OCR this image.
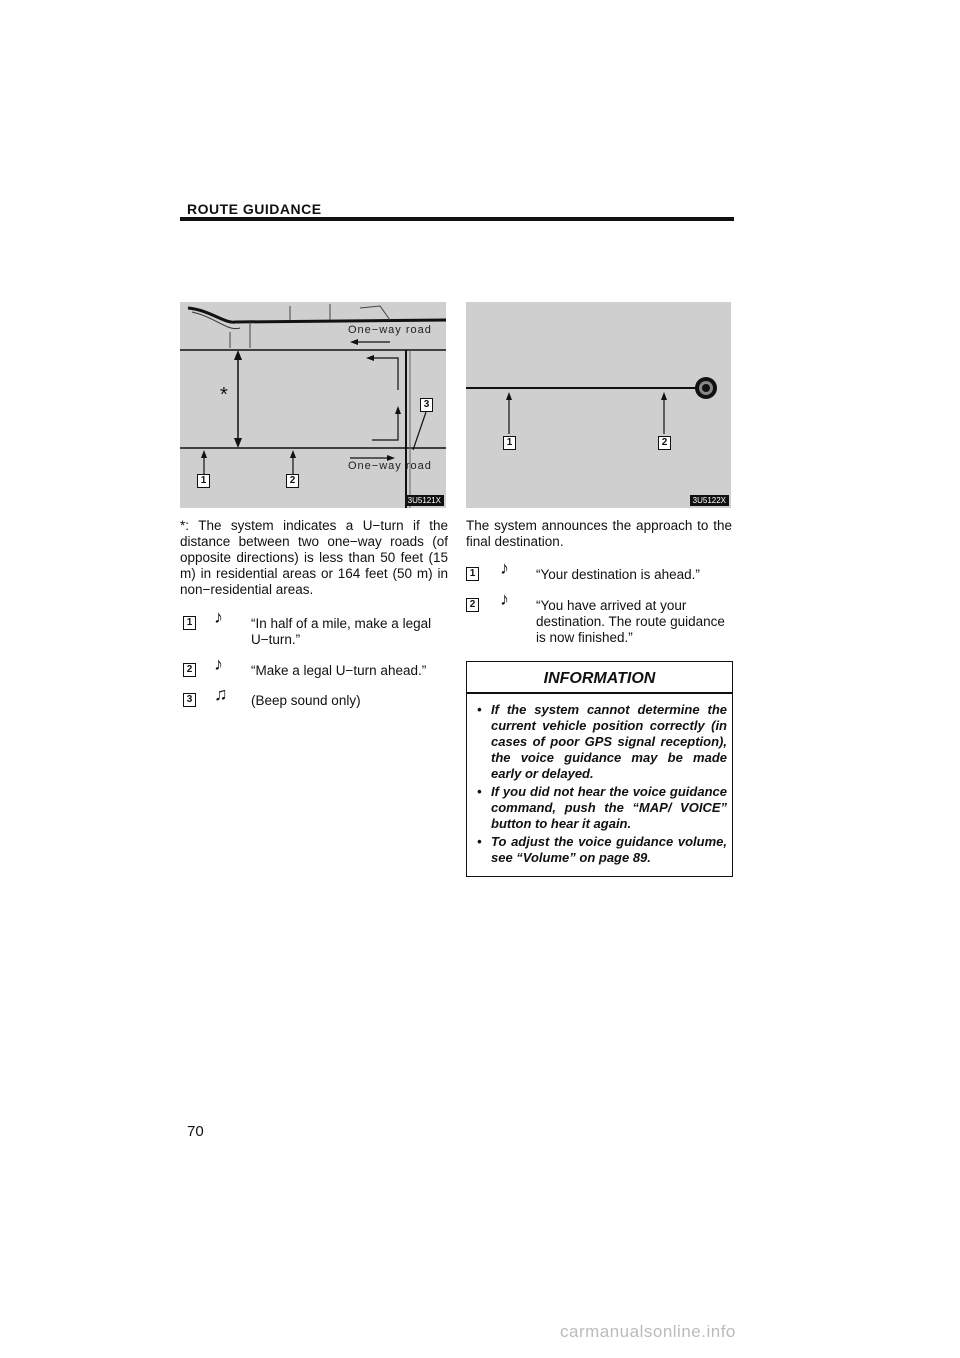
ROUTE GUIDANCE
One−way road
One−way road
*
1	2
3
3U5121X
1	2
3U5122X

*: The system indicates a U−turn if the distance between two one−way roads (of opposite directions) is less than 50 feet (15 m) in residential areas or 164 feet (50 m) in non−residential areas.

1 ♪ “In half of a mile, make a legal U−turn.”
2 ♪ “Make a legal U−turn ahead.”
3 ♫ (Beep sound only)

The system announces the approach to the final destination.

1 ♪ “Your destination is ahead.”
2 ♪ “You have arrived at your destination. The route guidance is now finished.”
INFORMATION
• If the system cannot determine the current vehicle position correctly (in cases of poor GPS signal reception), the voice guidance may be made early or delayed.
• If you did not hear the voice guidance command, push the “MAP/ VOICE” button to hear it again.
• To adjust the voice guidance volume, see “Volume” on page 89.
70
carmanualsonline.info
